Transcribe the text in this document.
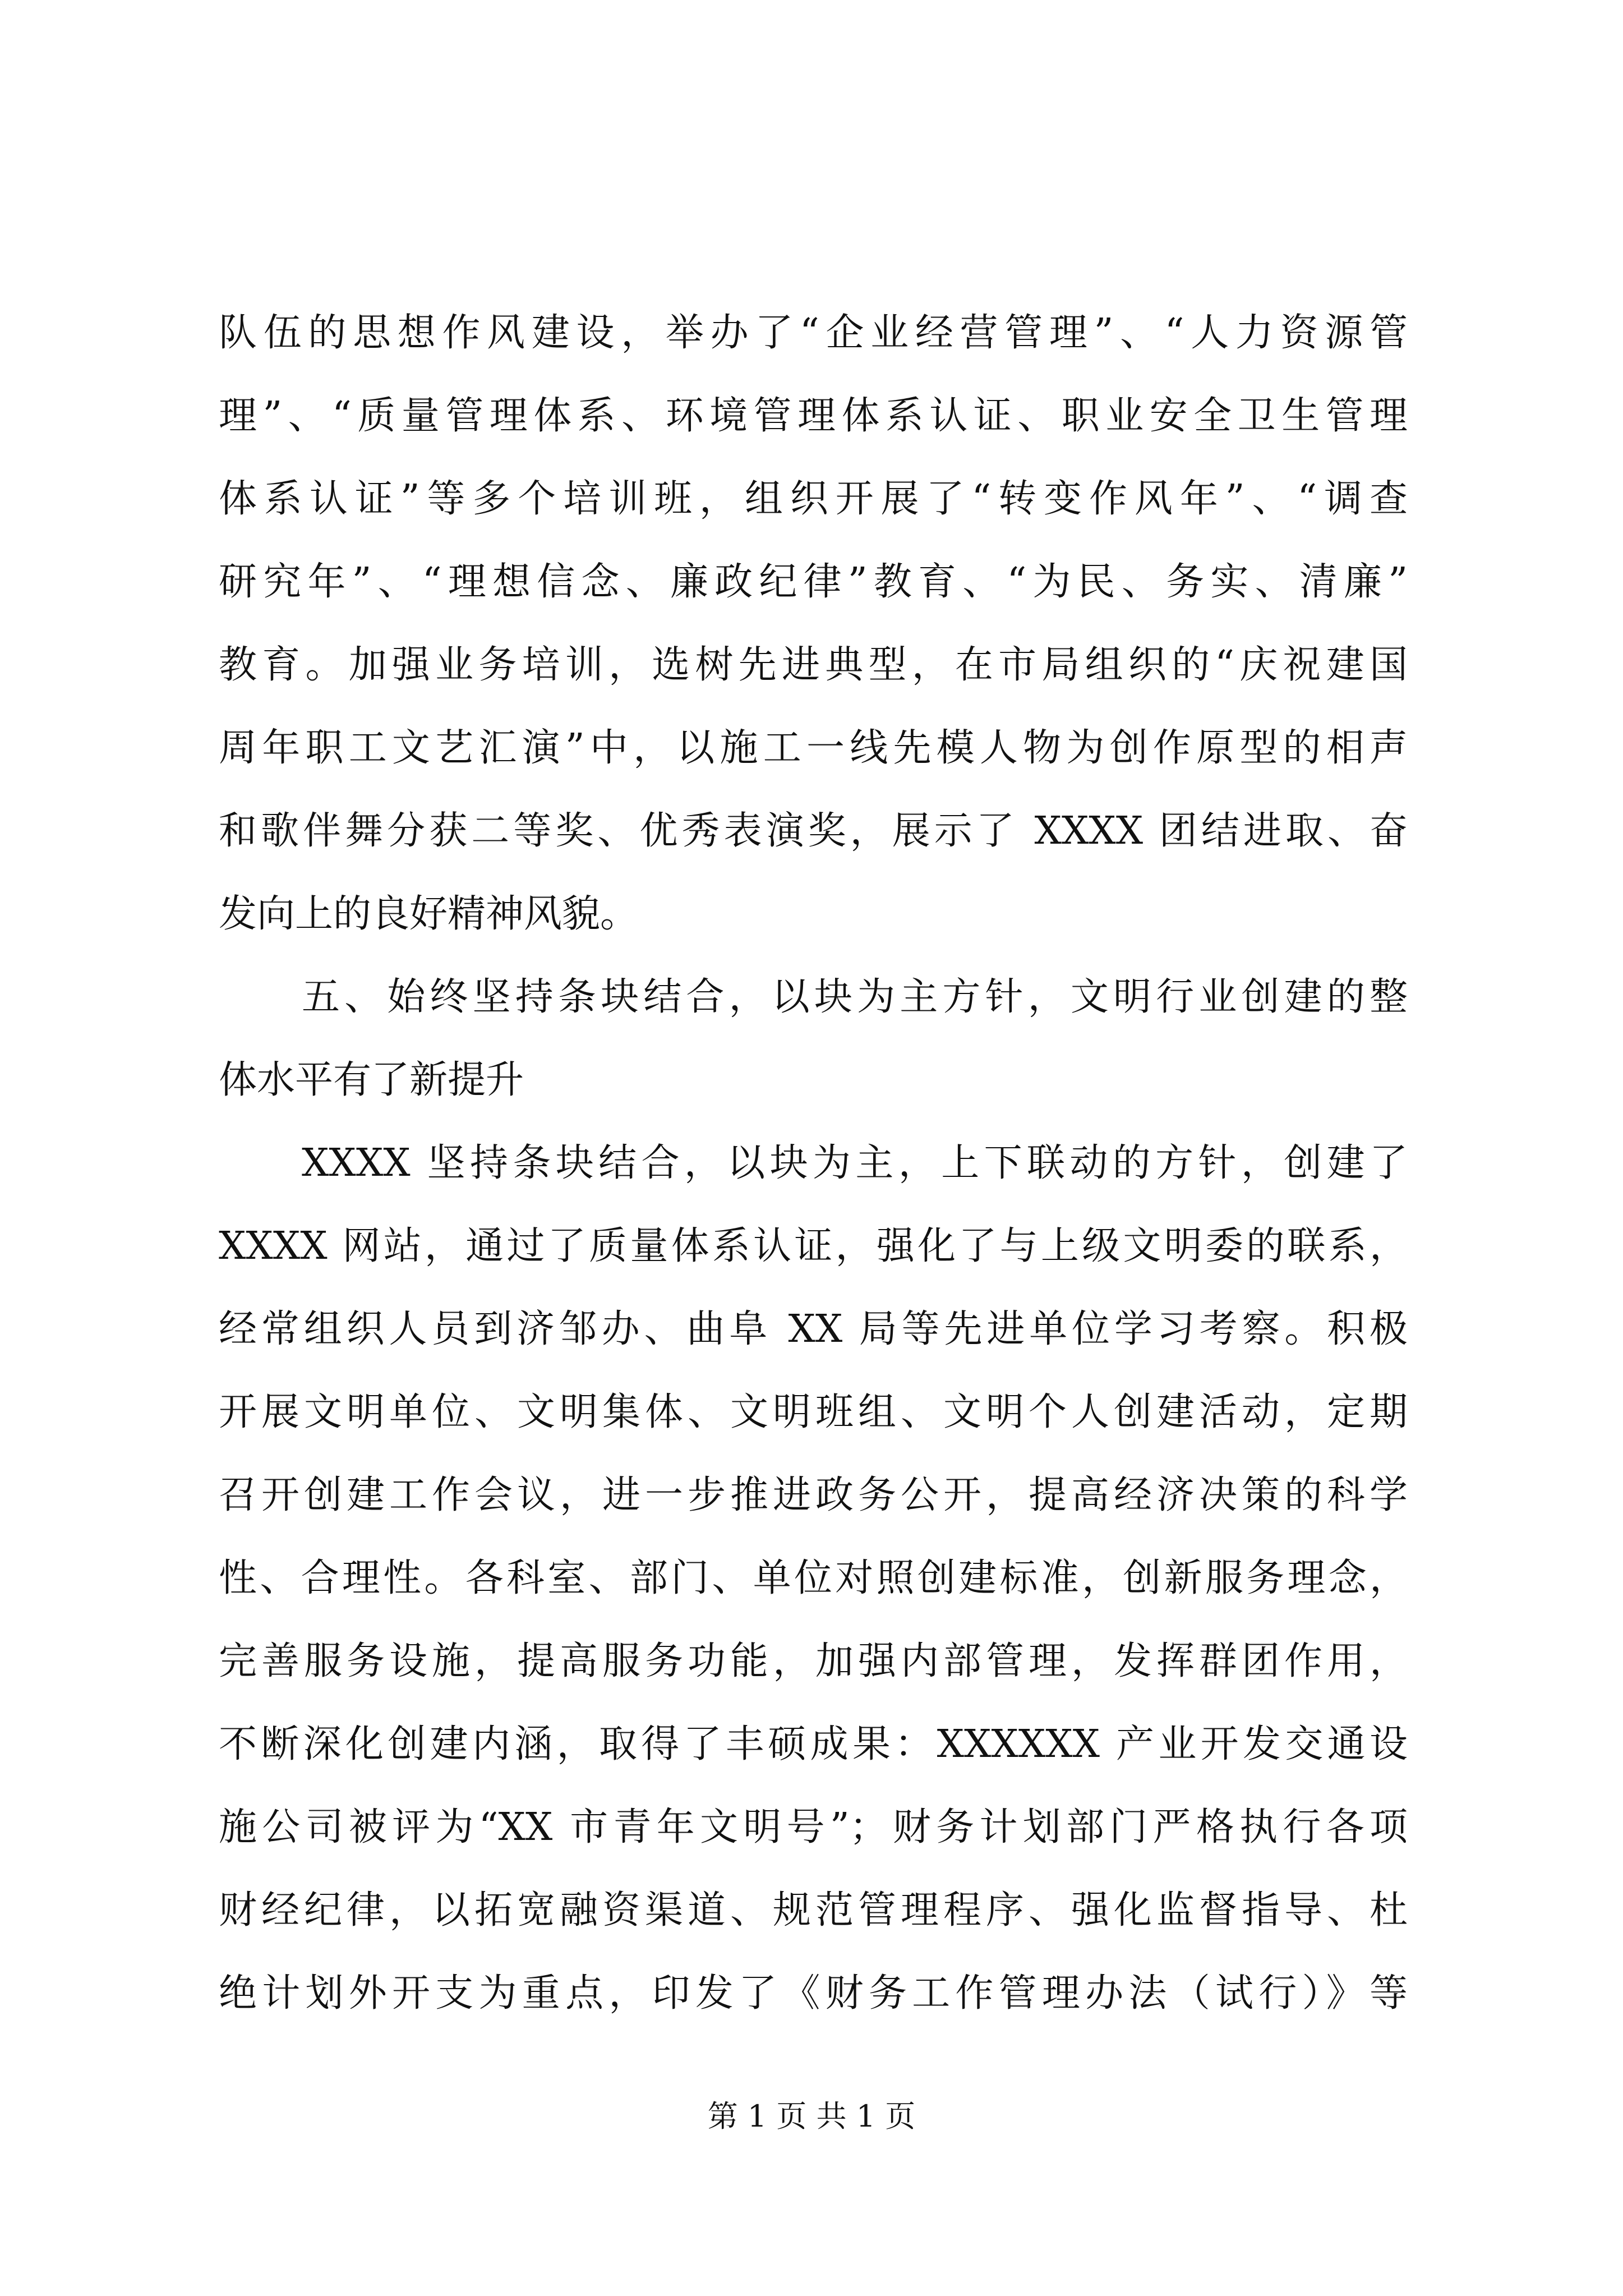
队伍的思想作风建设，举办了“企业经营管理”、“人力资源管
理”、“质量管理体系、环境管理体系认证、职业安全卫生管理
体系认证”等多个培训班，组织开展了“转变作风年”、“调查
研究年”、“理想信念、廉政纪律”教育、“为民、务实、清廉”
教育。加强业务培训，选树先进典型，在市局组织的“庆祝建国
周年职工文艺汇演”中，以施工一线先模人物为创作原型的相声
和歌伴舞分获二等奖、优秀表演奖，展示了 XXXX 团结进取、奋
发向上的良好精神风貌。
五、始终坚持条块结合，以块为主方针，文明行业创建的整
体水平有了新提升
XXXX 坚持条块结合，以块为主，上下联动的方针，创建了
XXXX 网站，通过了质量体系认证，强化了与上级文明委的联系，
经常组织人员到济邹办、曲阜 XX 局等先进单位学习考察。积极
开展文明单位、文明集体、文明班组、文明个人创建活动，定期
召开创建工作会议，进一步推进政务公开，提高经济决策的科学
性、合理性。各科室、部门、单位对照创建标准，创新服务理念，
完善服务设施，提高服务功能，加强内部管理，发挥群团作用，
不断深化创建内涵，取得了丰硕成果：XXXXXX 产业开发交通设
施公司被评为“XX 市青年文明号”；财务计划部门严格执行各项
财经纪律，以拓宽融资渠道、规范管理程序、强化监督指导、杜
绝计划外开支为重点，印发了《财务工作管理办法（试行）》等
第 1 页 共 1 页
